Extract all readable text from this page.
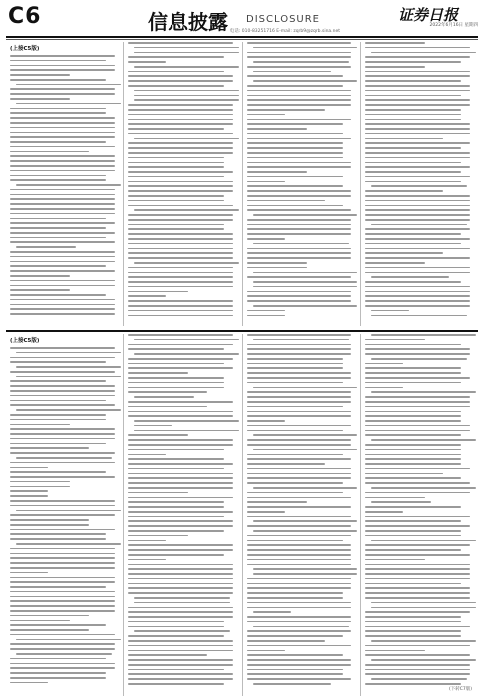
C6	信息披露 DISCLOSURE	证券日报
电话: 010-83251716 E-mail: zqrb9@zqrb.sina.net
2022年6月16日 星期四
(上接C5版)
(上接C5版)
(下转C7版)
